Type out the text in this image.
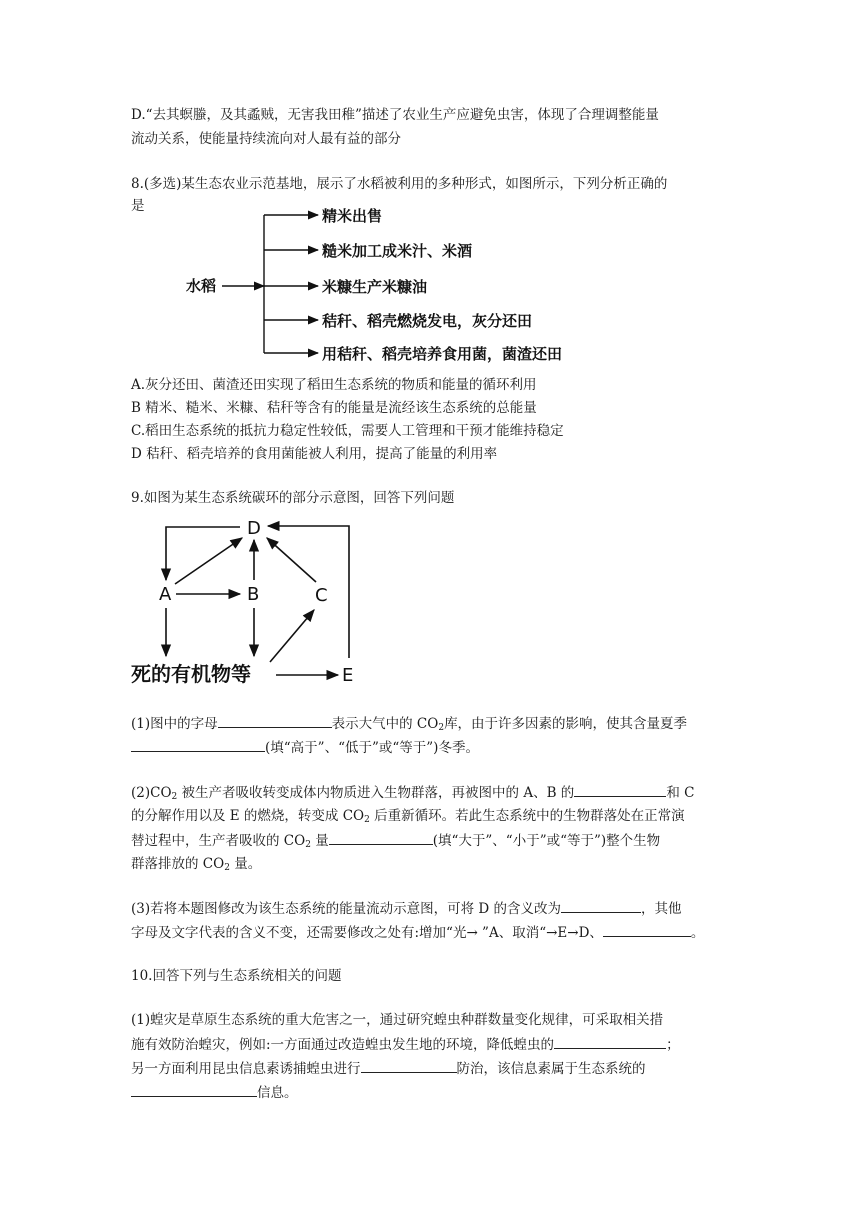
D.“去其螟螣，及其蟊贼，无害我田稚”描述了农业生产应避免虫害，体现了合理调整能量
流动关系，使能量持续流向对人最有益的部分
8.(多选)某生态农业示范基地，展示了水稻被利用的多种形式，如图所示，下列分析正确的
是
水稻
精米出售
糙米加工成米汁、米酒
米糠生产米糠油
秸秆、稻壳燃烧发电，灰分还田
用秸秆、稻壳培养食用菌，菌渣还田
A.灰分还田、菌渣还田实现了稻田生态系统的物质和能量的循环利用
B 精米、糙米、米糠、秸秆等含有的能量是流经该生态系统的总能量
C.稻田生态系统的抵抗力稳定性较低，需要人工管理和干预才能维持稳定
D 秸秆、稻壳培养的食用菌能被人利用，提高了能量的利用率
9.如图为某生态系统碳环的部分示意图，回答下列问题
D
A	B	C
E
死的有机物等
(1)图中的字母	表示大气中的 $CO_2$库，由于许多因素的影响，使其含量夏季
(填“高于”、“低于”或“等于”)冬季。
$(2)CO_2$ 被生产者吸收转变成体内物质进入生物群落，再被图中的 A、B 的	和 C
的分解作用以及 E 的燃烧，转变成 $CO_2$ 后重新循环。若此生态系统中的生物群落处在正常演
替过程中，生产者吸收的 $CO_2$ 量	(填“大于”、“小于”或“等于”)整个生物
群落排放的 $CO_2$ 量。
(3)若将本题图修改为该生态系统的能量流动示意图，可将 D 的含义改为	，其他
字母及文字代表的含义不变，还需要修改之处有:增加“光→ ”A、取消“→E→D、	。
10.回答下列与生态系统相关的问题
(1)蝗灾是草原生态系统的重大危害之一，通过研究蝗虫种群数量变化规律，可采取相关措
施有效防治蝗灾，例如:一方面通过改造蝗虫发生地的环境，降低蝗虫的	；
另一方面利用昆虫信息素诱捕蝗虫进行	防治，该信息素属于生态系统的
信息。
